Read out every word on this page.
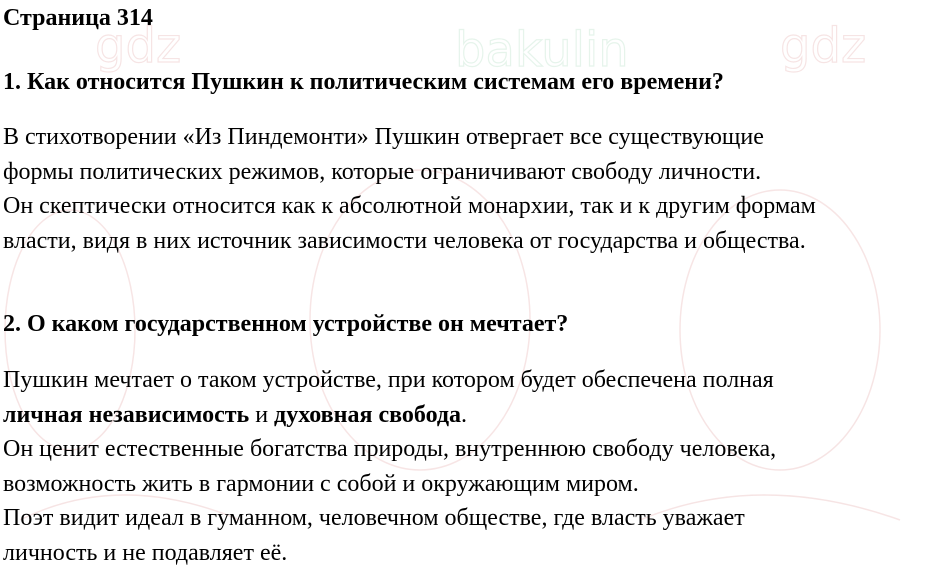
gdz	bakulin	gdz
Страница 314
1. Как относится Пушкин к политическим системам его времени?

В стихотворении «Из Пиндемонти» Пушкин отвергает все существующие
формы политических режимов, которые ограничивают свободу личности.
Он скептически относится как к абсолютной монархии, так и к другим формам
власти, видя в них источник зависимости человека от государства и общества.

2. О каком государственном устройстве он мечтает?

Пушкин мечтает о таком устройстве, при котором будет обеспечена полная
личная независимость и духовная свобода.
Он ценит естественные богатства природы, внутреннюю свободу человека,
возможность жить в гармонии с собой и окружающим миром.
Поэт видит идеал в гуманном, человечном обществе, где власть уважает
личность и не подавляет её.
